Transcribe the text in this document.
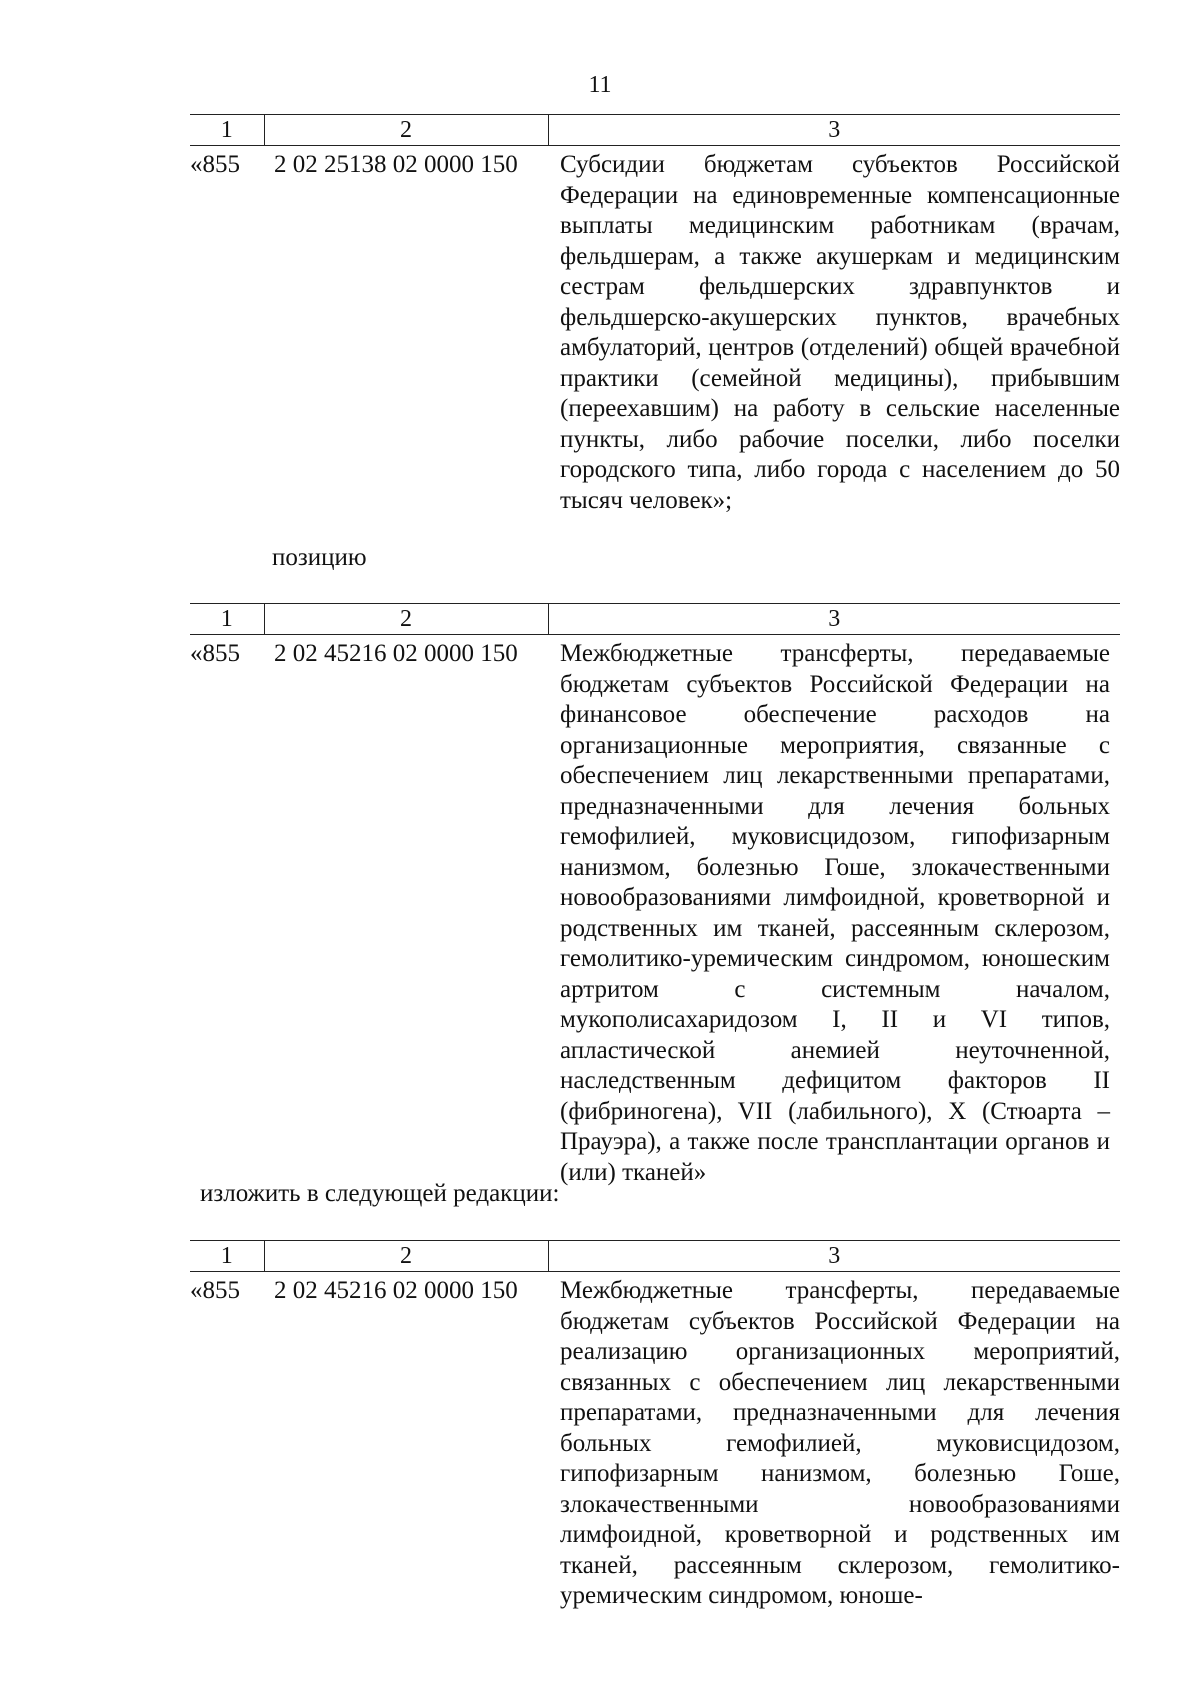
11
1	2	3
«855	2 02 25138 02 0000 150	Субсидии бюджетам субъектов Российской Федерации на единовременные компенсационные выплаты медицинским работникам (врачам, фельдшерам, а также акушеркам и медицинским сестрам фельдшерских здравпунктов и фельдшерско-акушерских пунктов, врачебных амбулаторий, центров (отделений) общей врачебной практики (семейной медицины), прибывшим (переехавшим) на работу в сельские населенные пункты, либо рабочие поселки, либо поселки городского типа, либо города с населением до 50 тысяч человек»;
позицию
1	2	3
«855	2 02 45216 02 0000 150	Межбюджетные трансферты, передаваемые бюджетам субъектов Российской Федерации на финансовое обеспечение расходов на организационные мероприятия, связанные с обеспечением лиц лекарственными препаратами, предназначенными для лечения больных гемофилией, муковисцидозом, гипофизарным нанизмом, болезнью Гоше, злокачественными новообразованиями лимфоидной, кроветворной и родственных им тканей, рассеянным склерозом, гемолитико-уремическим синдромом, юношеским артритом с системным началом, мукополисахаридозом I, II и VI типов, апластической анемией неуточненной, наследственным дефицитом факторов II (фибриногена), VII (лабильного), X (Стюарта – Прауэра), а также после трансплантации органов и (или) тканей»
изложить в следующей редакции:
1	2	3
«855	2 02 45216 02 0000 150	Межбюджетные трансферты, передаваемые бюджетам субъектов Российской Федерации на реализацию организационных мероприятий, связанных с обеспечением лиц лекарственными препаратами, предназначенными для лечения больных гемофилией, муковисцидозом, гипофизарным нанизмом, болезнью Гоше, злокачественными новообразованиями лимфоидной, кроветворной и родственных им тканей, рассеянным склерозом, гемолитико-уремическим синдромом, юноше-
